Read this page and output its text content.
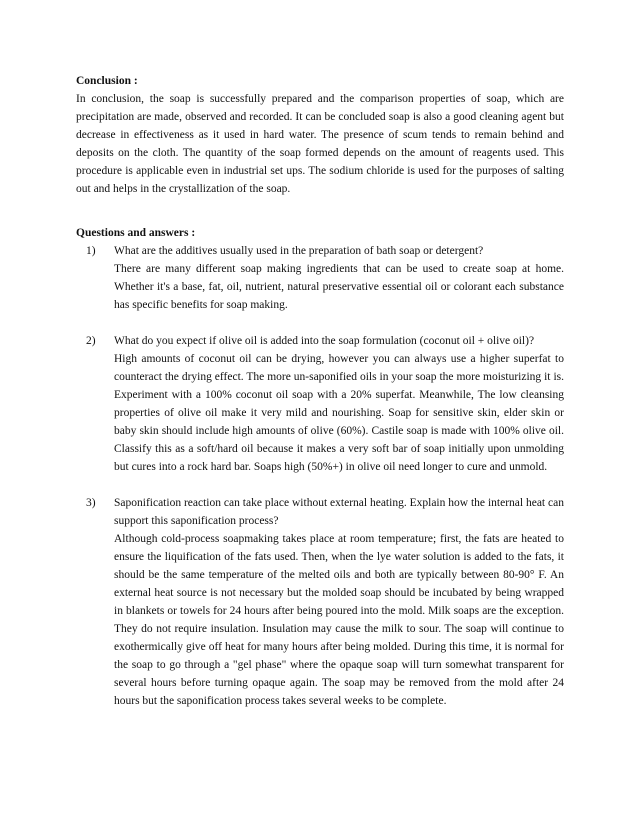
Conclusion :

In conclusion, the soap is successfully prepared and the comparison properties of soap, which are precipitation are made, observed and recorded. It can be concluded soap is also a good cleaning agent but decrease in effectiveness as it used in hard water. The presence of scum tends to remain behind and deposits on the cloth. The quantity of the soap formed depends on the amount of reagents used. This procedure is applicable even in industrial set ups. The sodium chloride is used for the purposes of salting out and helps in the crystallization of the soap.

Questions and answers :

1) What are the additives usually used in the preparation of bath soap or detergent?

There are many different soap making ingredients that can be used to create soap at home. Whether it's a base, fat, oil, nutrient, natural preservative essential oil or colorant each substance has specific benefits for soap making.

2) What do you expect if olive oil is added into the soap formulation (coconut oil + olive oil)?

High amounts of coconut oil can be drying, however you can always use a higher superfat to counteract the drying effect. The more un-saponified oils in your soap the more moisturizing it is. Experiment with a 100% coconut oil soap with a 20% superfat. Meanwhile, The low cleansing properties of olive oil make it very mild and nourishing. Soap for sensitive skin, elder skin or baby skin should include high amounts of olive (60%). Castile soap is made with 100% olive oil. Classify this as a soft/hard oil because it makes a very soft bar of soap initially upon unmolding but cures into a rock hard bar. Soaps high (50%+) in olive oil need longer to cure and unmold.

3) Saponification reaction can take place without external heating. Explain how the internal heat can support this saponification process?

Although cold-process soapmaking takes place at room temperature; first, the fats are heated to ensure the liquification of the fats used. Then, when the lye water solution is added to the fats, it should be the same temperature of the melted oils and both are typically between 80-90° F. An external heat source is not necessary but the molded soap should be incubated by being wrapped in blankets or towels for 24 hours after being poured into the mold. Milk soaps are the exception. They do not require insulation. Insulation may cause the milk to sour. The soap will continue to exothermically give off heat for many hours after being molded. During this time, it is normal for the soap to go through a "gel phase" where the opaque soap will turn somewhat transparent for several hours before turning opaque again. The soap may be removed from the mold after 24 hours but the saponification process takes several weeks to be complete.
